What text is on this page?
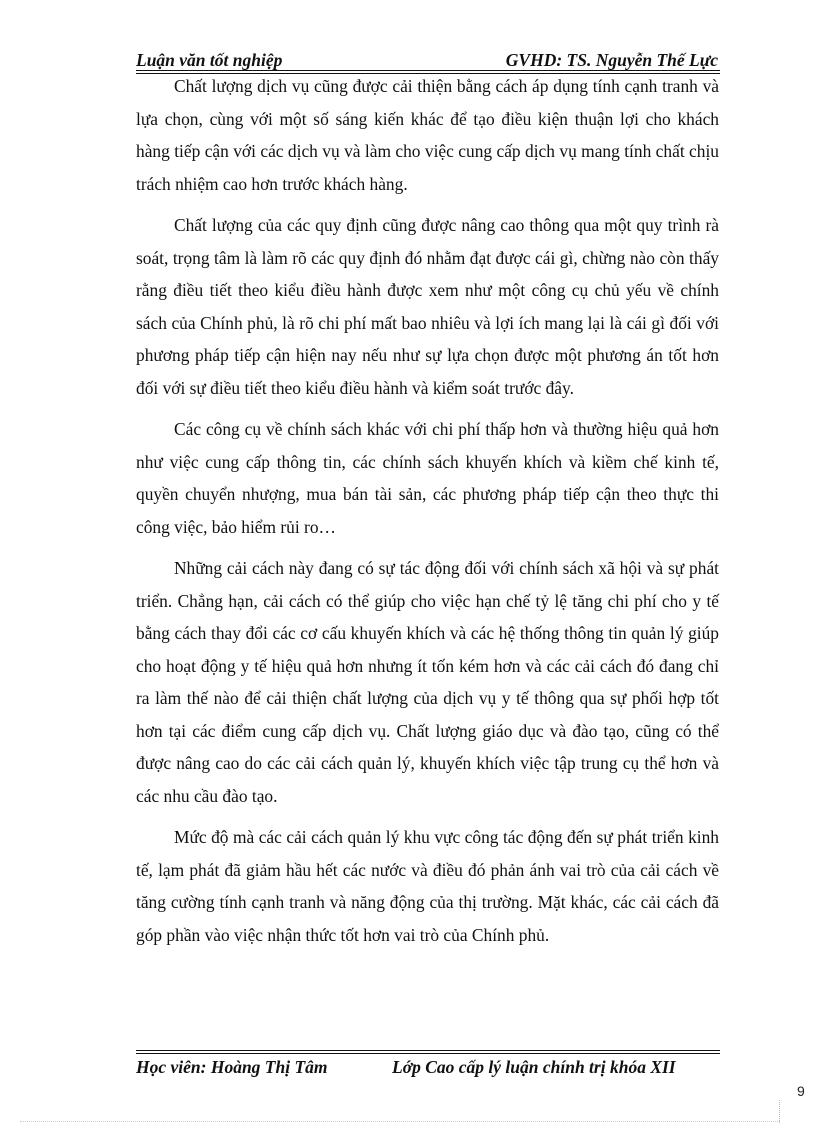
Luận văn tốt nghiệp	GVHD: TS. Nguyễn Thế Lực

Chất lượng dịch vụ cũng được cải thiện bằng cách áp dụng tính cạnh tranh và lựa chọn, cùng với một số sáng kiến khác để tạo điều kiện thuận lợi cho khách hàng tiếp cận với các dịch vụ và làm cho việc cung cấp dịch vụ mang tính chất chịu trách nhiệm cao hơn trước khách hàng.

Chất lượng của các quy định cũng được nâng cao thông qua một quy trình rà soát, trọng tâm là làm rõ các quy định đó nhằm đạt được cái gì, chừng nào còn thấy rằng điều tiết theo kiểu điều hành được xem như một công cụ chủ yếu về chính sách của Chính phủ, là rõ chi phí mất bao nhiêu và lợi ích mang lại là cái gì đối với phương pháp tiếp cận hiện nay nếu như sự lựa chọn được một phương án tốt hơn đối với sự điều tiết theo kiểu điều hành và kiểm soát trước đây.

Các công cụ về chính sách khác với chi phí thấp hơn và thường hiệu quả hơn như việc cung cấp thông tin, các chính sách khuyến khích và kiềm chế kinh tế, quyền chuyển nhượng, mua bán tài sản, các phương pháp tiếp cận theo thực thi công việc, bảo hiểm rủi ro…

Những cải cách này đang có sự tác động đối với chính sách xã hội và sự phát triển. Chẳng hạn, cải cách có thể giúp cho việc hạn chế tỷ lệ tăng chi phí cho y tế bằng cách thay đổi các cơ cấu khuyến khích và các hệ thống thông tin quản lý giúp cho hoạt động y tế hiệu quả hơn nhưng ít tốn kém hơn và các cải cách đó đang chỉ ra làm thế nào để cải thiện chất lượng của dịch vụ y tế thông qua sự phối hợp tốt hơn tại các điểm cung cấp dịch vụ. Chất lượng giáo dục và đào tạo, cũng có thể được nâng cao do các cải cách quản lý, khuyến khích việc tập trung cụ thể hơn và các nhu cầu đào tạo.

Mức độ mà các cải cách quản lý khu vực công tác động đến sự phát triển kinh tế, lạm phát đã giảm hầu hết các nước và điều đó phản ánh vai trò của cải cách về tăng cường tính cạnh tranh và năng động của thị trường. Mặt khác, các cải cách đã góp phần vào việc nhận thức tốt hơn vai trò của Chính phủ.

Học viên: Hoàng Thị Tâm	Lớp Cao cấp lý luận chính trị khóa XII
9
